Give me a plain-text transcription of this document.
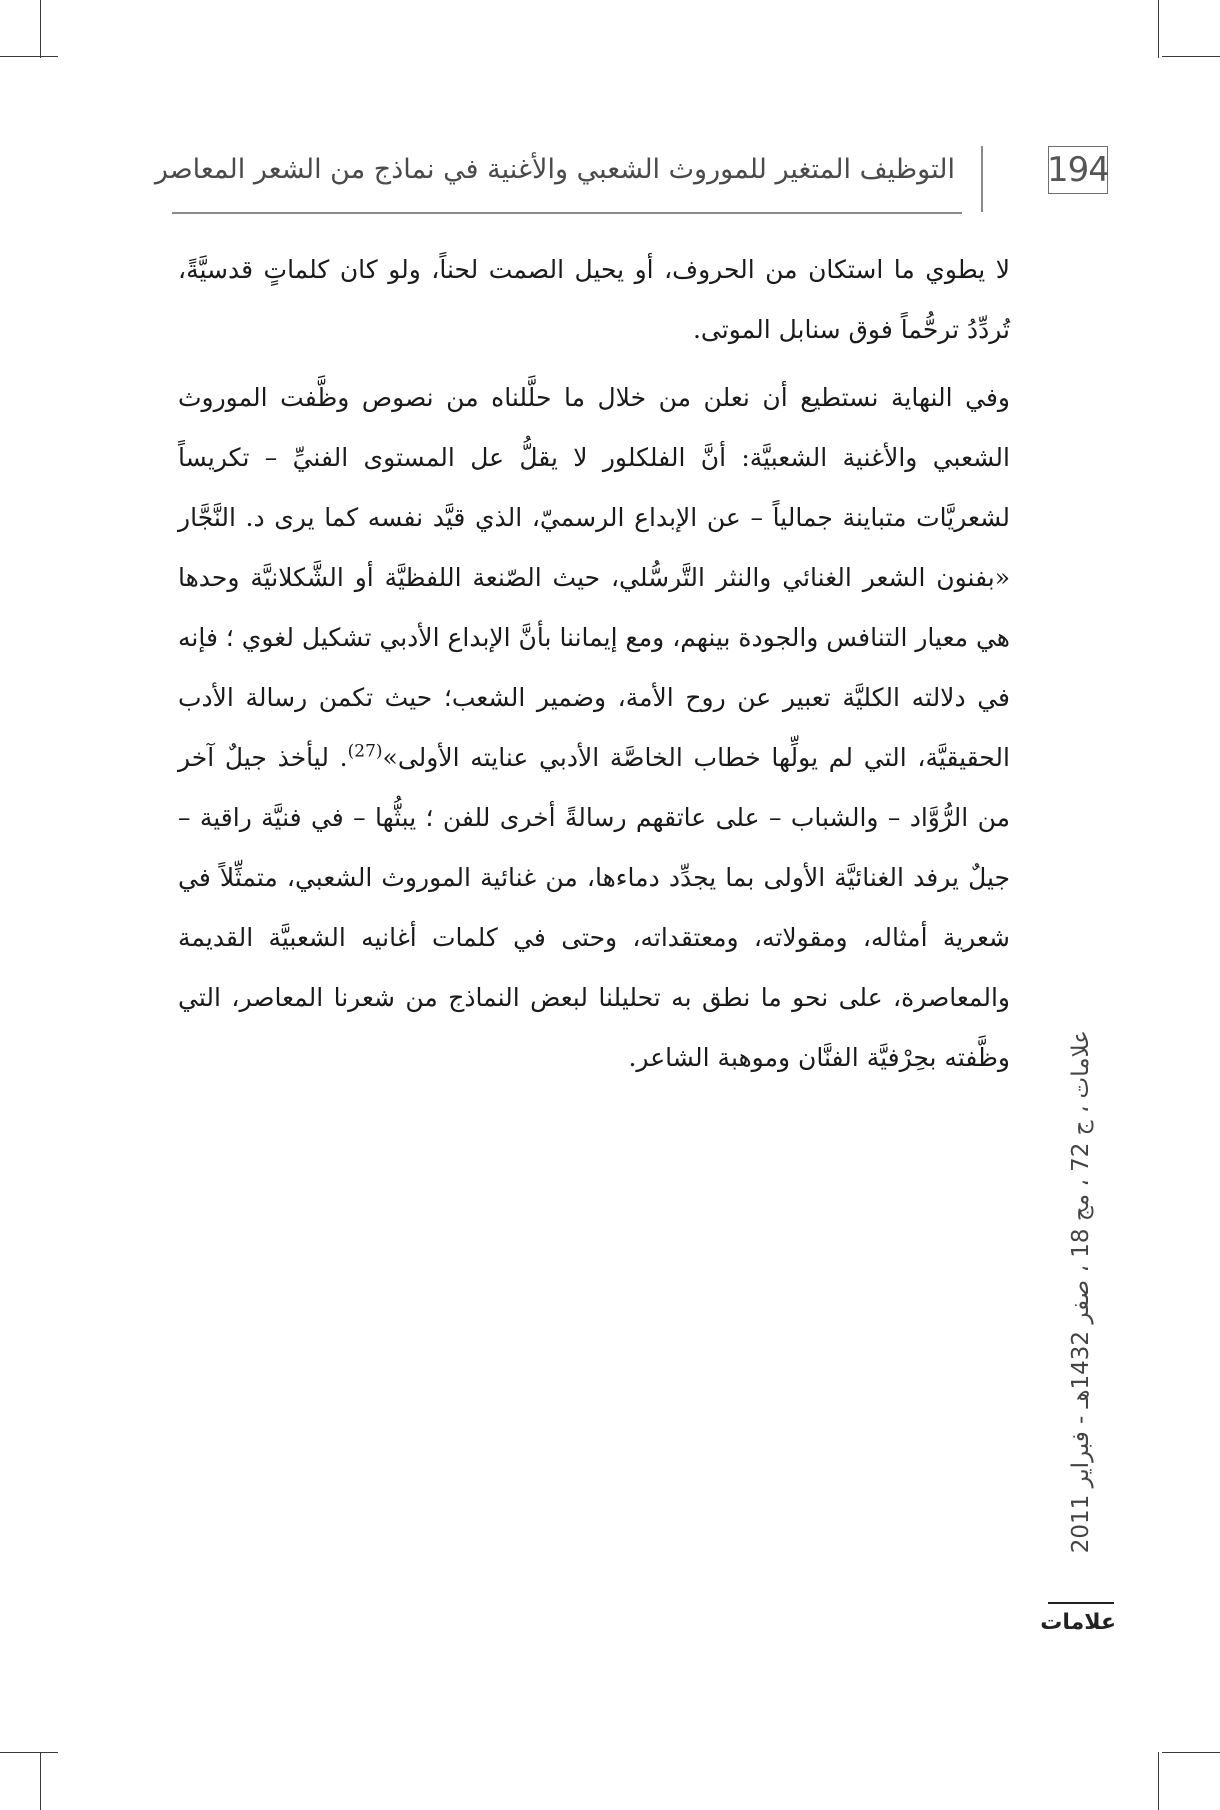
194
التوظيف المتغير للموروث الشعبي والأغنية في نماذج من الشعر المعاصر

لا يطوي ما استكان من الحروف، أو يحيل الصمت لحناً، ولو كان كلماتٍ قدسيَّةً، تُردِّدُ ترحُّماً فوق سنابل الموتى.

وفي النهاية نستطيع أن نعلن من خلال ما حلَّلناه من نصوص وظَّفت الموروث الشعبي والأغنية الشعبيَّة: أنَّ الفلكلور لا يقلُّ عل المستوى الفنيِّ – تكريساً لشعريَّات متباينة جمالياً – عن الإبداع الرسميّ، الذي قيَّد نفسه كما يرى د. النَّجَّار «بفنون الشعر الغنائي والنثر التَّرسُّلي، حيث الصّنعة اللفظيَّة أو الشَّكلانيَّة وحدها هي معيار التنافس والجودة بينهم، ومع إيماننا بأنَّ الإبداع الأدبي تشكيل لغوي ؛ فإنه في دلالته الكليَّة تعبير عن روح الأمة، وضمير الشعب؛ حيث تكمن رسالة الأدب الحقيقيَّة، التي لم يولِّها خطاب الخاصَّة الأدبي عنايته الأولى»$^{(27)}$. ليأخذ جيلٌ آخر من الرُّوَّاد – والشباب – على عاتقهم رسالةً أخرى للفن ؛ يبثُّها – في فنيَّة راقية – جيلٌ يرفد الغنائيَّة الأولى بما يجدِّد دماءها، من غنائية الموروث الشعبي، متمثِّلاً في شعرية أمثاله، ومقولاته، ومعتقداته، وحتى في كلمات أغانيه الشعبيَّة القديمة والمعاصرة، على نحو ما نطق به تحليلنا لبعض النماذج من شعرنا المعاصر، التي وظَّفته بحِرْفيَّة الفنَّان وموهبة الشاعر.

علامات ، ج 72 ، مج 18 ، صفر 1432هـ - فبراير 2011
علامات
